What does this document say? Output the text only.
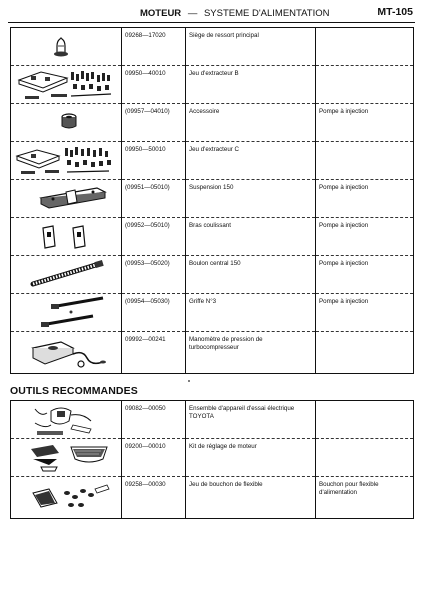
MOTEUR — SYSTEME D'ALIMENTATION	MT-105
	09268—17020	Siège de ressort principal	

	09950—40010	Jeu d'extracteur B	

	(09957—04010)	Accessoire	Pompe à injection

	09950—50010	Jeu d'extracteur C	

	(09951—05010)	Suspension 150	Pompe à injection

	(09952—05010)	Bras coulissant	Pompe à injection

	(09953—05020)	Boulon central 150	Pompe à injection

	(09954—05030)	Griffe N°3	Pompe à injection

	09992—00241	Manomètre de pression de turbocompresseur	
OUTILS RECOMMANDES
	09082—00050	Ensemble d'appareil d'essai électrique TOYOTA	

	09200—00010	Kit de réglage de moteur	

	09258—00030	Jeu de bouchon de flexible	Bouchon pour flexible d'alimentation
